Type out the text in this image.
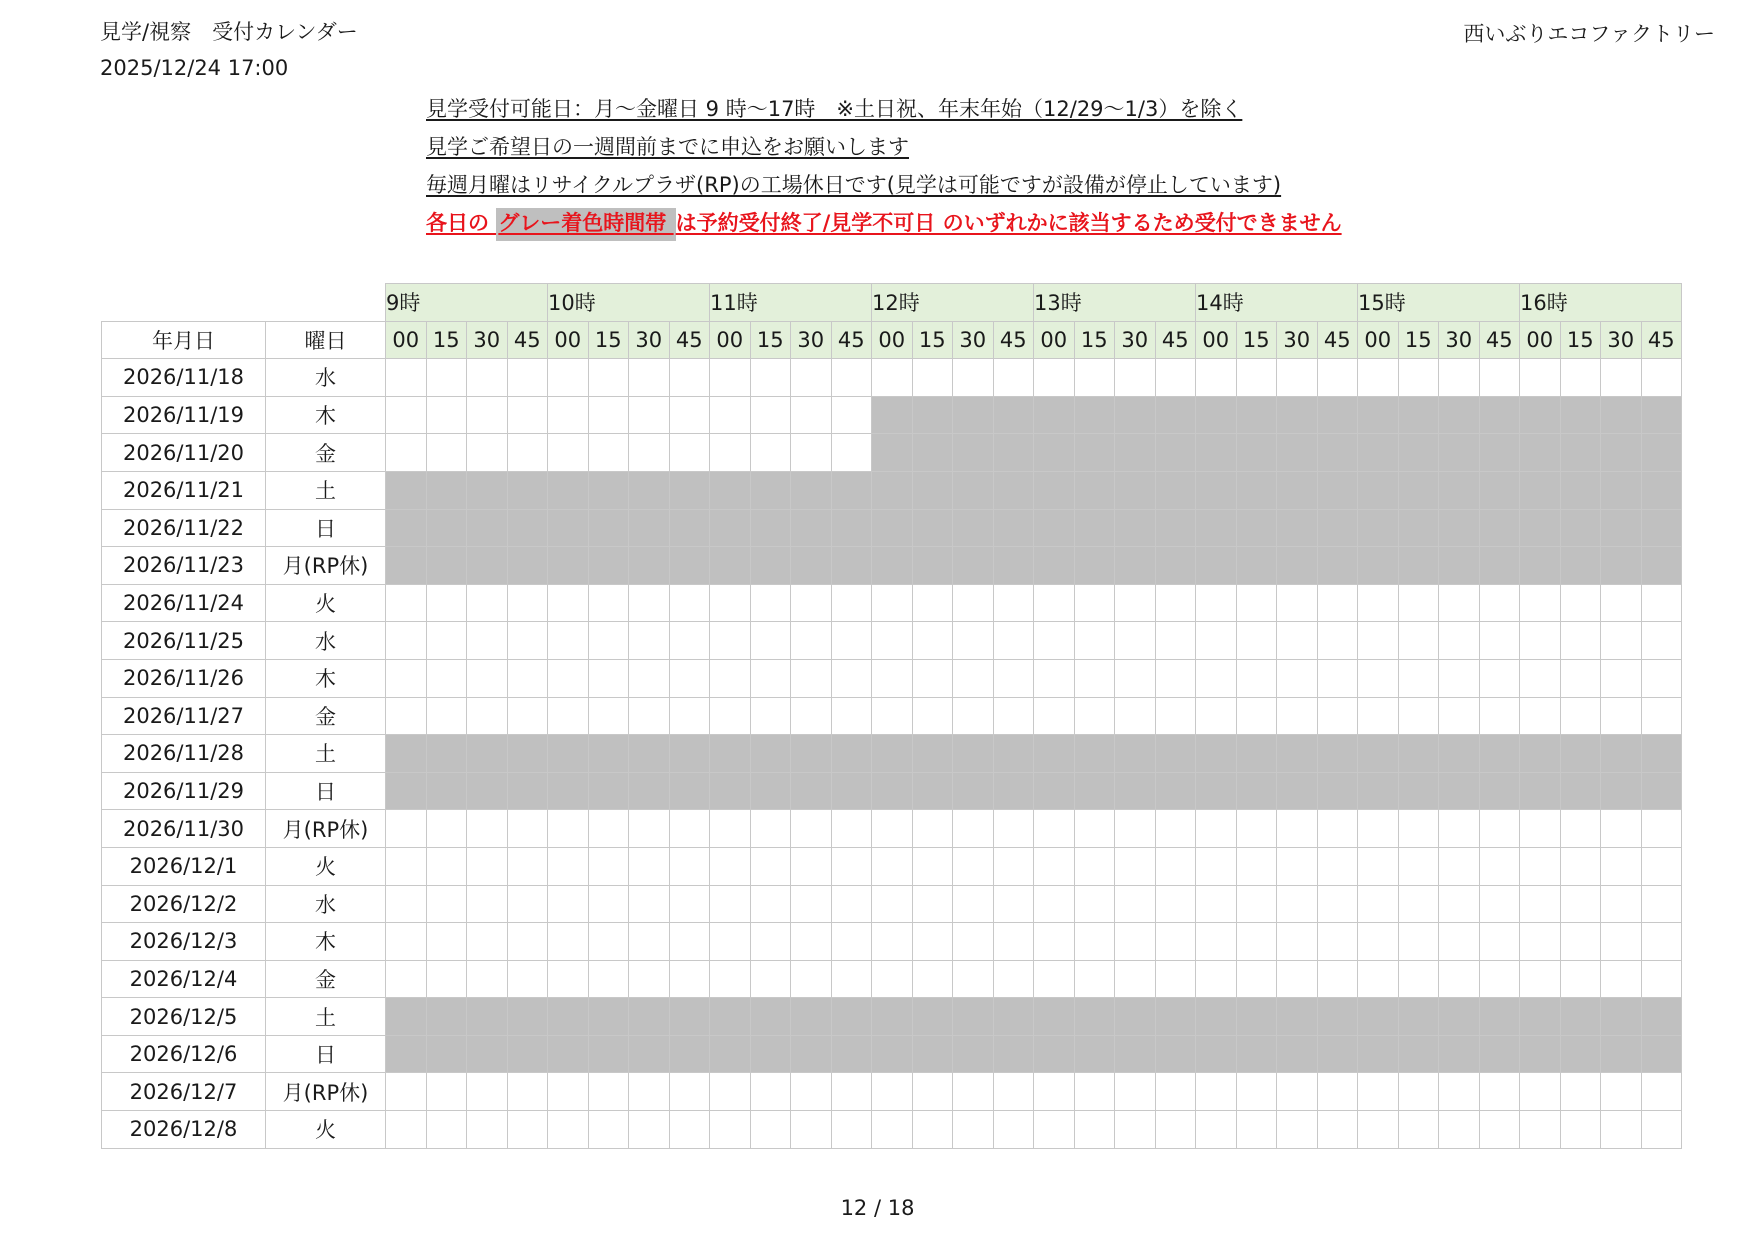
見学/視察　受付カレンダー
2025/12/24 17:00
西いぶりエコファクトリー
見学受付可能日：月～金曜日 9 時～17時　※土日祝、年末年始（12/29～1/3）を除く
見学ご希望日の一週間前までに申込をお願いします
毎週月曜はリサイクルプラザ(RP)の工場休日です(見学は可能ですが設備が停止しています)
各日の グレー着色時間帯 は予約受付終了/見学不可日 のいずれかに該当するため受付できません
		9時				10時				11時				12時				13時				14時				15時				16時			
年月日	曜日	00	15	30	45	00	15	30	45	00	15	30	45	00	15	30	45	00	15	30	45	00	15	30	45	00	15	30	45	00	15	30	45
2026/11/18	水																																
2026/11/19	木																																
2026/11/20	金																																
2026/11/21	土																																
2026/11/22	日																																
2026/11/23	月(RP休)																																
2026/11/24	火																																
2026/11/25	水																																
2026/11/26	木																																
2026/11/27	金																																
2026/11/28	土																																
2026/11/29	日																																
2026/11/30	月(RP休)																																
2026/12/1	火																																
2026/12/2	水																																
2026/12/3	木																																
2026/12/4	金																																
2026/12/5	土																																
2026/12/6	日																																
2026/12/7	月(RP休)																																
2026/12/8	火																																
12 / 18
